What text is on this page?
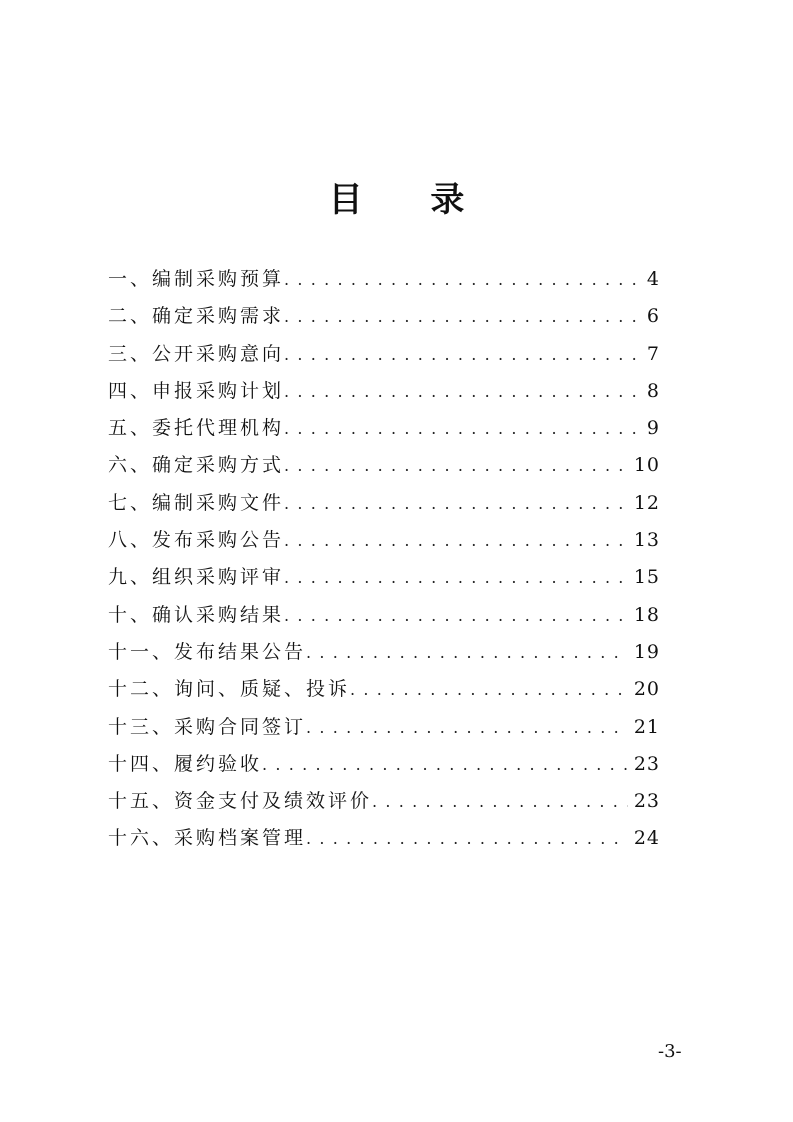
目 录
一、编制采购预算 . . .	4
二、确定采购需求 . . .	6
三、公开采购意向 . . .	7
四、申报采购计划 . . .	8
五、委托代理机构 . . .	9
六、确定采购方式 . . .	10
七、编制采购文件 . . .	12
八、发布采购公告 . . .	13
九、组织采购评审 . . .	15
十、确认采购结果 . . .	18
十一、发布结果公告 . . .	19
十二、询问、质疑、投诉 . . .	20
十三、采购合同签订 . . .	21
十四、履约验收 . . .	23
十五、资金支付及绩效评价 . . .	23
十六、采购档案管理 . . .	24
-3-
